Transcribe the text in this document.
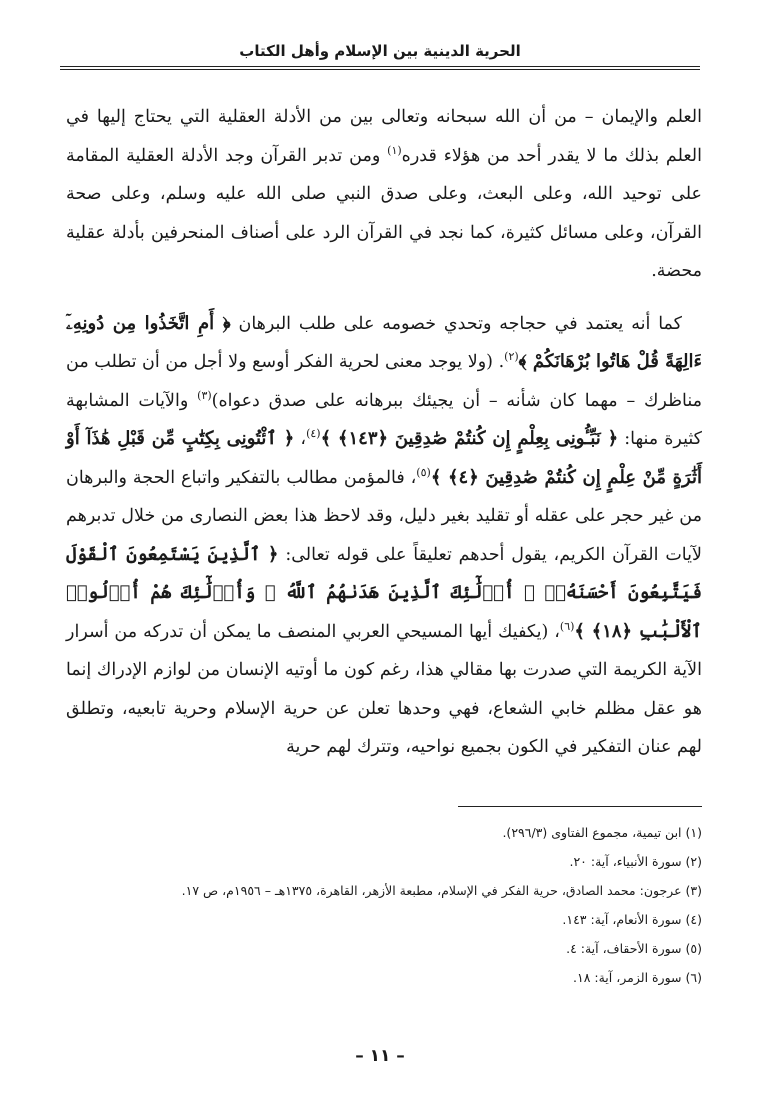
الحرية الدينية بين الإسلام وأهل الكتاب

العلم والإيمان – من أن الله سبحانه وتعالى بين من الأدلة العقلية التي يحتاج إليها في العلم بذلك ما لا يقدر أحد من هؤلاء قدره$^{(١)}$ ومن تدبر القرآن وجد الأدلة العقلية المقامة على توحيد الله، وعلى البعث، وعلى صدق النبي صلى الله عليه وسلم، وعلى صحة القرآن، وعلى مسائل كثيرة، كما نجد في القرآن الرد على أصناف المنحرفين بأدلة عقلية محضة.

كما أنه يعتمد في حجاجه وتحدي خصومه على طلب البرهان ﴿ أَمِ اتَّخَذُوا مِن دُونِهِۦٓ ءَالِهَةً قُلْ هَاتُوا بُرْهَانَكُمْ ﴾$^{(٢)}$. (ولا يوجد معنى لحرية الفكر أوسع ولا أجل من أن تطلب من مناظرك – مهما كان شأنه – أن يجيئك ببرهانه على صدق دعواه)$^{(٣)}$ والآيات المشابهة كثيرة منها: ﴿ نَبِّـُٔونِى بِعِلْمٍ إِن كُنتُمْ صَٰدِقِينَ ﴿١٤٣﴾ ﴾$^{(٤)}$، ﴿ ٱئْتُونِى بِكِتَٰبٍ مِّن قَبْلِ هَٰذَآ أَوْ أَثَٰرَةٍ مِّنْ عِلْمٍ إِن كُنتُمْ صَٰدِقِينَ ﴿٤﴾ ﴾$^{(٥)}$، فالمؤمن مطالب بالتفكير واتباع الحجة والبرهان من غير حجر على عقله أو تقليد بغير دليل، وقد لاحظ هذا بعض النصارى من خلال تدبرهم لآيات القرآن الكريم، يقول أحدهم تعليقاً على قوله تعالى: ﴿ ٱلَّذِينَ يَسْتَمِعُونَ ٱلْقَوْلَ فَيَتَّبِعُونَ أَحْسَنَهُۥٓ ۚ أُو۟لَٰٓئِكَ ٱلَّذِينَ هَدَىٰهُمُ ٱللَّهُ ۖ وَأُو۟لَٰٓئِكَ هُمْ أُو۟لُوا۟ ٱلْأَلْبَٰبِ ﴿١٨﴾ ﴾$^{(٦)}$، (يكفيك أيها المسيحي العربي المنصف ما يمكن أن تدركه من أسرار الآية الكريمة التي صدرت بها مقالي هذا، رغم كون ما أوتيه الإنسان من لوازم الإدراك إنما هو عقل مظلم خابي الشعاع، فهي وحدها تعلن عن حرية الإسلام وحرية تابعيه، وتطلق لهم عنان التفكير في الكون بجميع نواحيه، وتترك لهم حرية

(١) ابن تيمية، مجموع الفتاوى (٢٩٦/٣).

(٢) سورة الأنبياء، آية: ٢٠.

(٣) عرجون: محمد الصادق، حرية الفكر في الإسلام، مطبعة الأزهر، القاهرة، ١٣٧٥هـ – ١٩٥٦م، ص ١٧.

(٤) سورة الأنعام، آية: ١٤٣.

(٥) سورة الأحقاف، آية: ٤.

(٦) سورة الزمر، آية: ١٨.

– ١١ –
